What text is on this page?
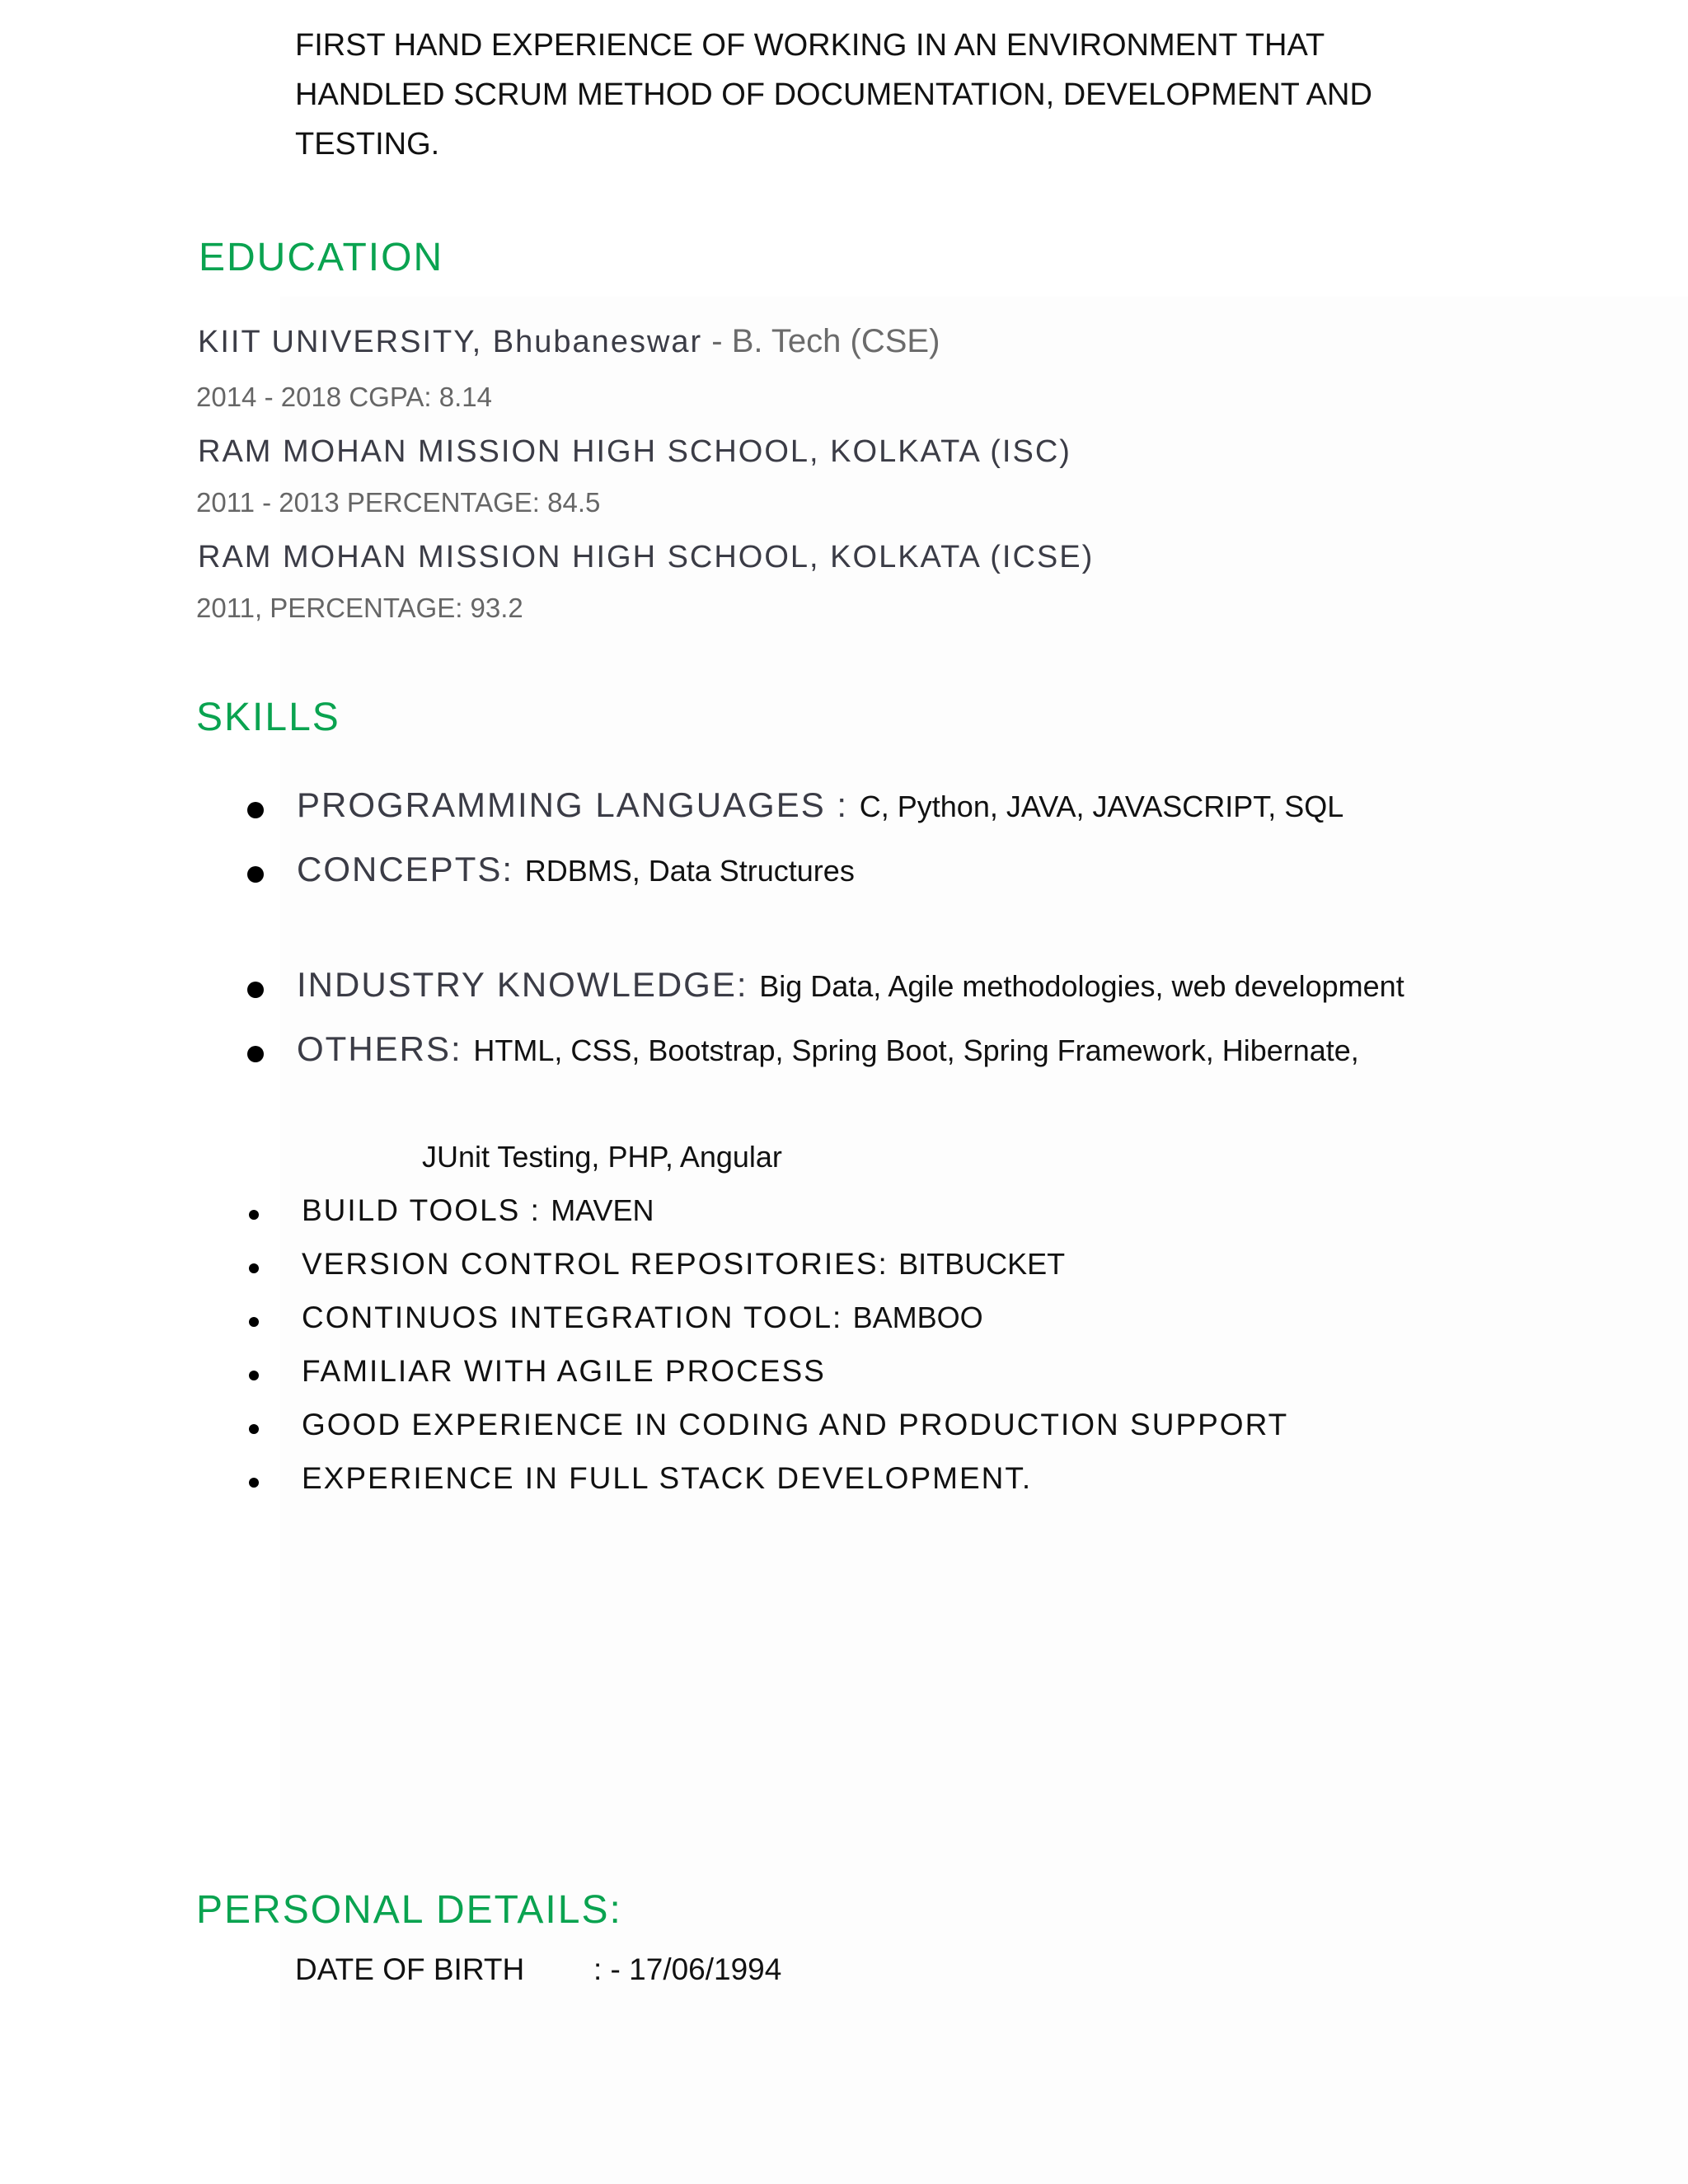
FIRST HAND EXPERIENCE OF WORKING IN AN ENVIRONMENT THAT
HANDLED SCRUM METHOD OF DOCUMENTATION, DEVELOPMENT AND
TESTING.
EDUCATION
KIIT UNIVERSITY, Bhubaneswar - B. Tech (CSE)
2014 - 2018 CGPA: 8.14
RAM MOHAN MISSION HIGH SCHOOL, KOLKATA (ISC)
2011 - 2013 PERCENTAGE: 84.5
RAM MOHAN MISSION HIGH SCHOOL, KOLKATA (ICSE)
2011, PERCENTAGE: 93.2
SKILLS
PROGRAMMING LANGUAGES : C, Python, JAVA, JAVASCRIPT, SQL
CONCEPTS: RDBMS, Data Structures
INDUSTRY KNOWLEDGE: Big Data, Agile methodologies, web development
OTHERS: HTML, CSS, Bootstrap, Spring Boot, Spring Framework, Hibernate,
JUnit Testing, PHP, Angular
BUILD TOOLS : MAVEN
VERSION CONTROL REPOSITORIES: BITBUCKET
CONTINUOS INTEGRATION TOOL: BAMBOO
FAMILIAR WITH AGILE PROCESS
GOOD EXPERIENCE IN CODING AND PRODUCTION SUPPORT
EXPERIENCE IN FULL STACK DEVELOPMENT.
PERSONAL DETAILS:
DATE OF BIRTH : - 17/06/1994
